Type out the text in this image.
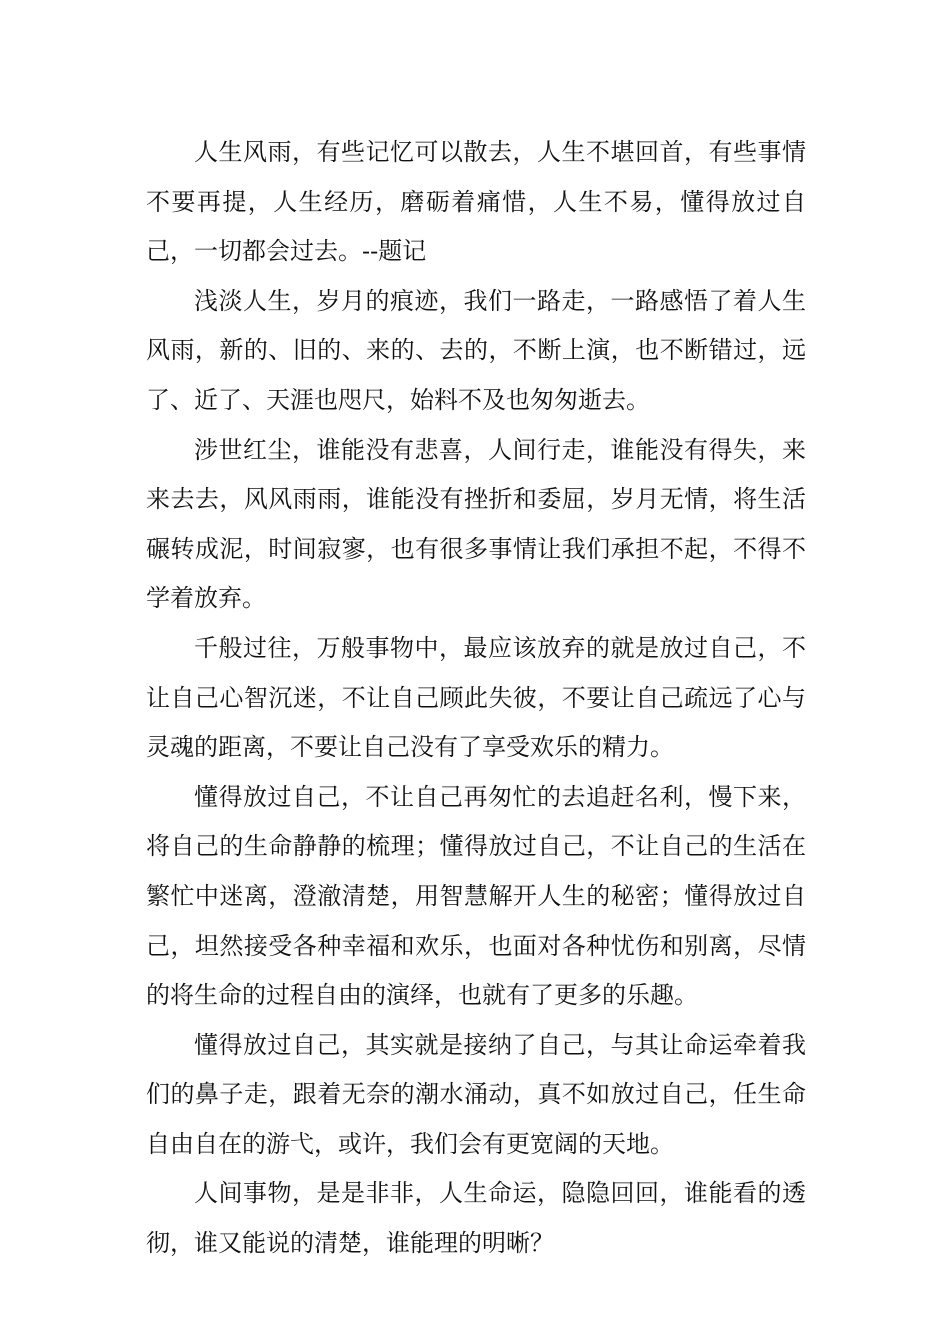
人生风雨，有些记忆可以散去，人生不堪回首，有些事情不要再提，人生经历，磨砺着痛惜，人生不易，懂得放过自己，一切都会过去。--题记

浅淡人生，岁月的痕迹，我们一路走，一路感悟了着人生风雨，新的、旧的、来的、去的，不断上演，也不断错过，远了、近了、天涯也咫尺，始料不及也匆匆逝去。

涉世红尘，谁能没有悲喜，人间行走，谁能没有得失，来来去去，风风雨雨，谁能没有挫折和委屈，岁月无情，将生活碾转成泥，时间寂寥，也有很多事情让我们承担不起，不得不学着放弃。

千般过往，万般事物中，最应该放弃的就是放过自己，不让自己心智沉迷，不让自己顾此失彼，不要让自己疏远了心与灵魂的距离，不要让自己没有了享受欢乐的精力。

懂得放过自己，不让自己再匆忙的去追赶名利，慢下来，将自己的生命静静的梳理；懂得放过自己，不让自己的生活在繁忙中迷离，澄澈清楚，用智慧解开人生的秘密；懂得放过自己，坦然接受各种幸福和欢乐，也面对各种忧伤和别离，尽情的将生命的过程自由的演绎，也就有了更多的乐趣。

懂得放过自己，其实就是接纳了自己，与其让命运牵着我们的鼻子走，跟着无奈的潮水涌动，真不如放过自己，任生命自由自在的游弋，或许，我们会有更宽阔的天地。

人间事物，是是非非，人生命运，隐隐回回，谁能看的透彻，谁又能说的清楚，谁能理的明晰？
